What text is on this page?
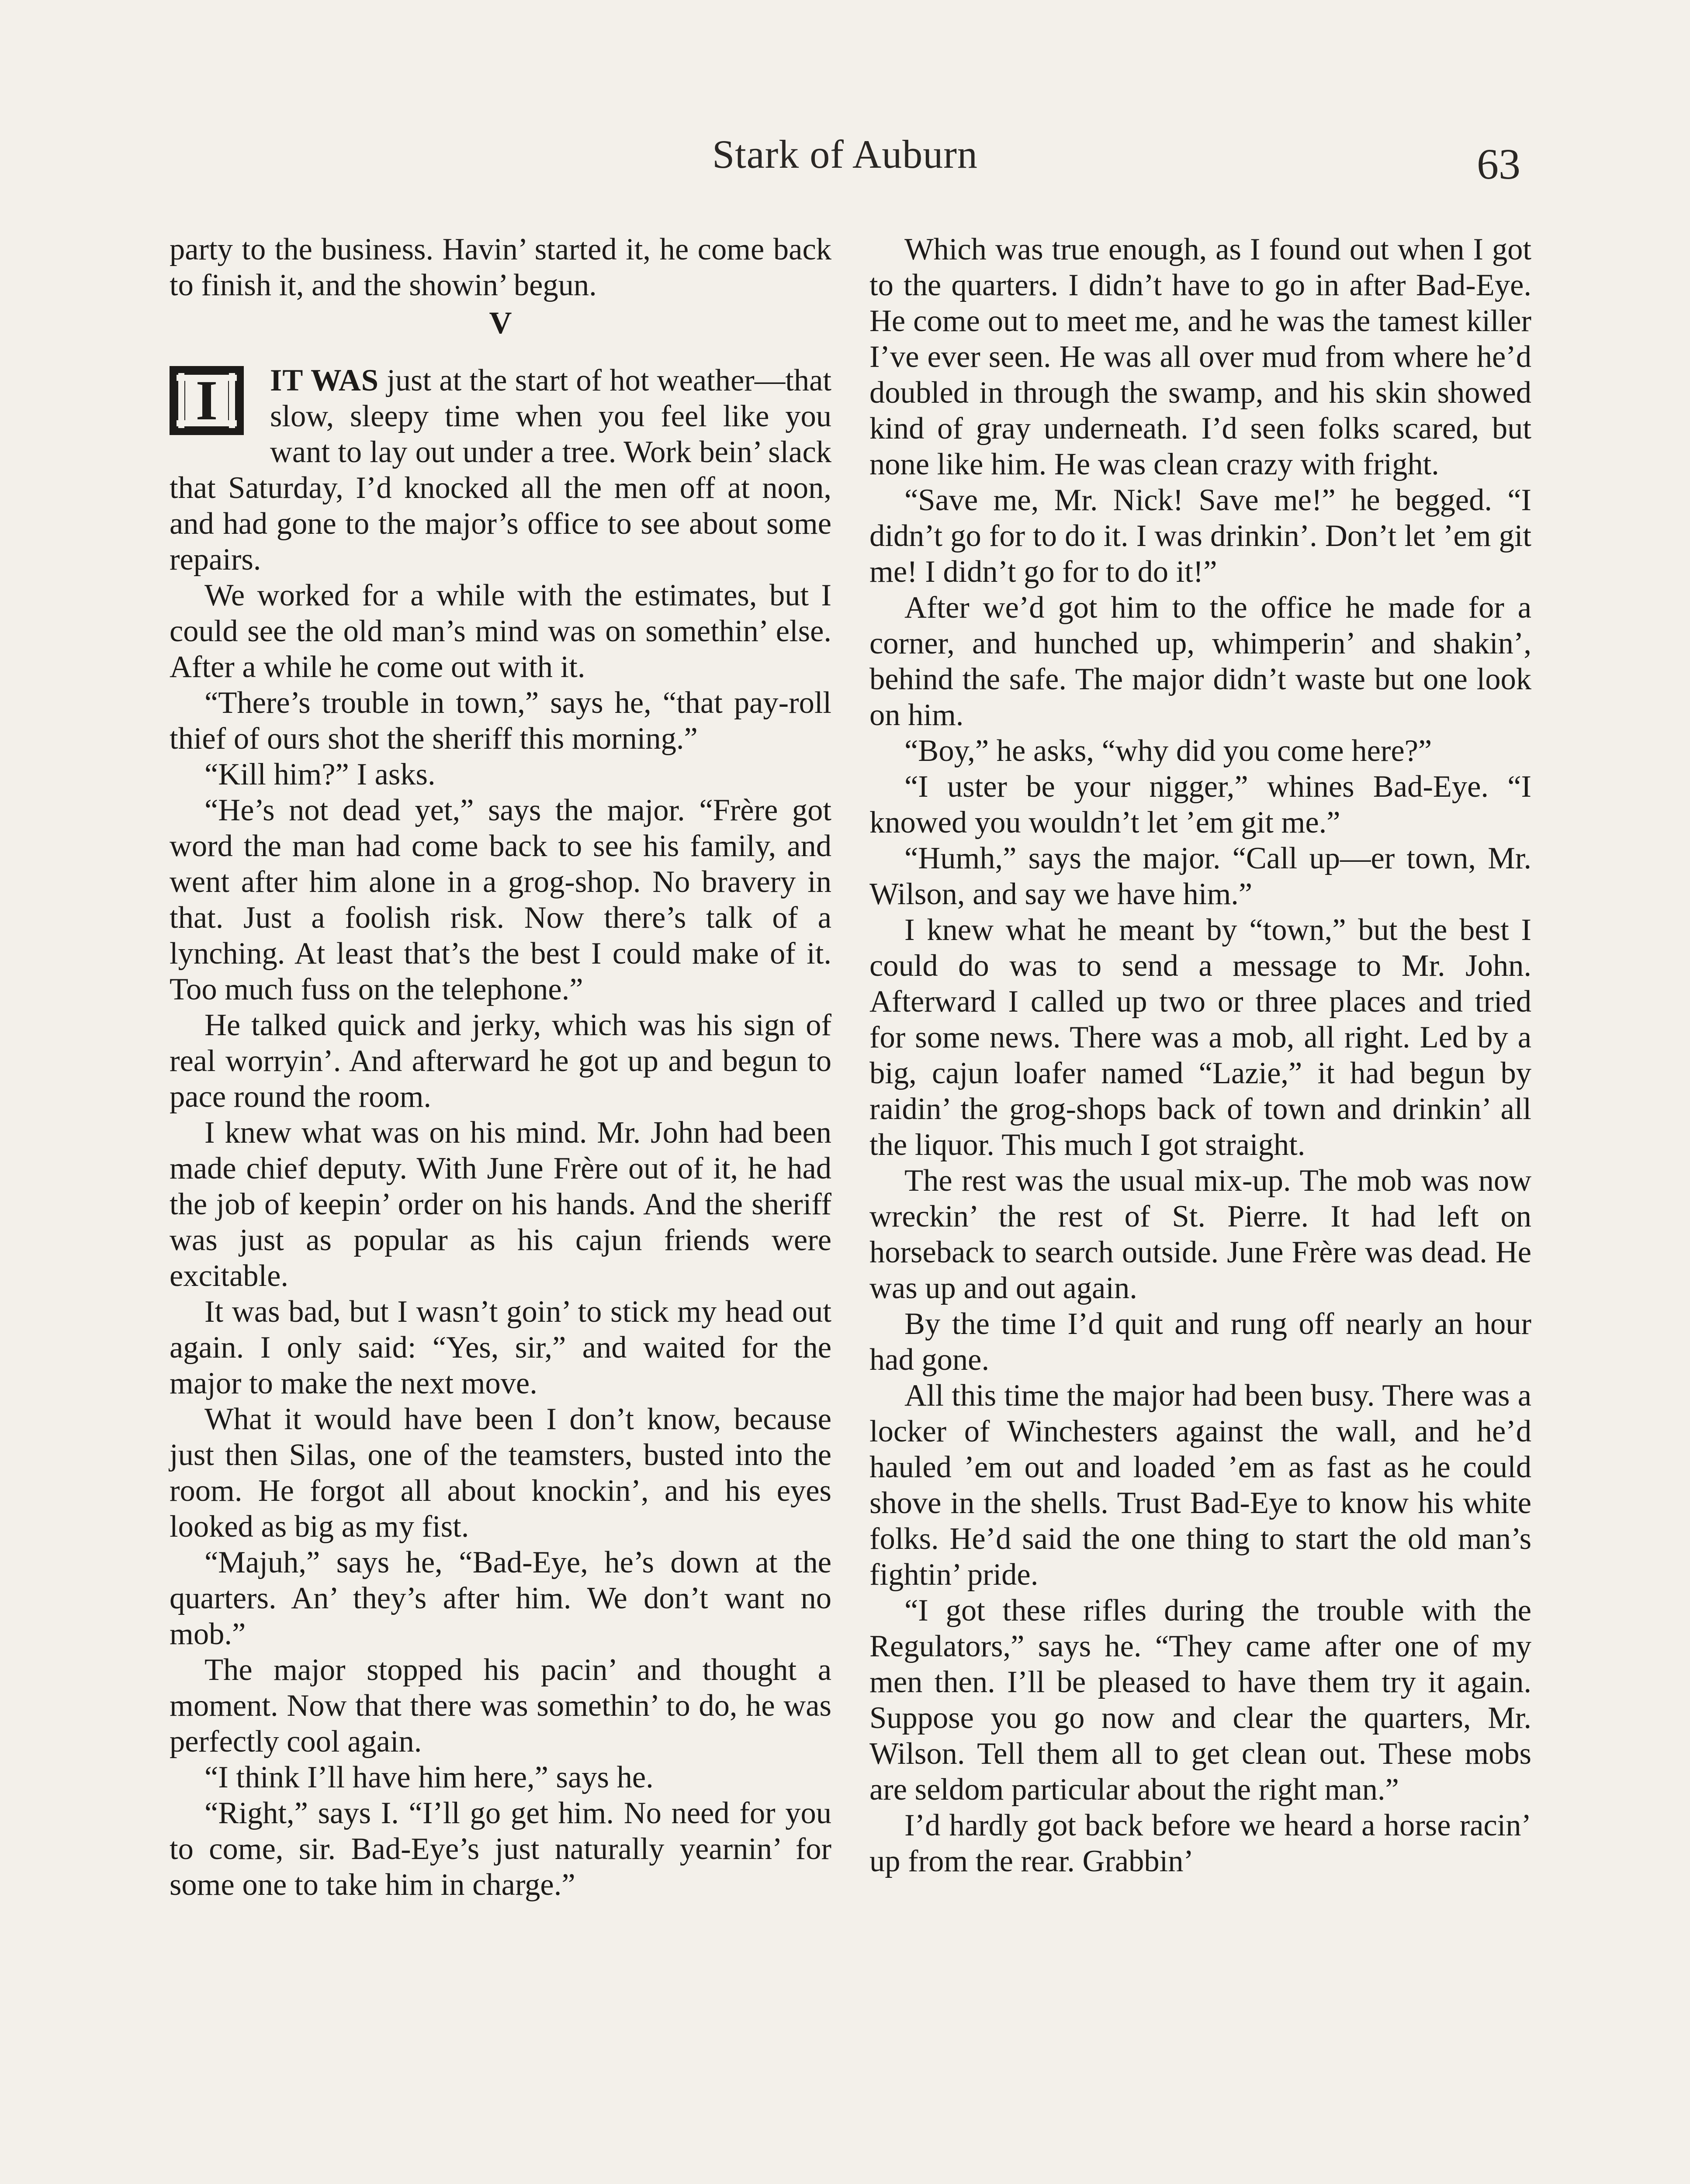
Stark of Auburn	63

party to the business. Havin’ started it, he come back to finish it, and the showin’ begun.

V

I	IT WAS just at the start of hot weather—that slow, sleepy time when you feel like you want to lay out under a tree. Work bein’ slack that Saturday, I’d knocked all the men off at noon, and had gone to the major’s office to see about some repairs.

We worked for a while with the estimates, but I could see the old man’s mind was on somethin’ else. After a while he come out with it.

“There’s trouble in town,” says he, “that pay-roll thief of ours shot the sheriff this morning.”

“Kill him?” I asks.

“He’s not dead yet,” says the major. “Frère got word the man had come back to see his family, and went after him alone in a grog-shop. No bravery in that. Just a foolish risk. Now there’s talk of a lynching. At least that’s the best I could make of it. Too much fuss on the telephone.”

He talked quick and jerky, which was his sign of real worryin’. And afterward he got up and begun to pace round the room.

I knew what was on his mind. Mr. John had been made chief deputy. With June Frère out of it, he had the job of keepin’ order on his hands. And the sheriff was just as popular as his cajun friends were excitable.

It was bad, but I wasn’t goin’ to stick my head out again. I only said: “Yes, sir,” and waited for the major to make the next move.

What it would have been I don’t know, because just then Silas, one of the teamsters, busted into the room. He forgot all about knockin’, and his eyes looked as big as my fist.

“Majuh,” says he, “Bad-Eye, he’s down at the quarters. An’ they’s after him. We don’t want no mob.”

The major stopped his pacin’ and thought a moment. Now that there was somethin’ to do, he was perfectly cool again.

“I think I’ll have him here,” says he.

“Right,” says I. “I’ll go get him. No need for you to come, sir. Bad-Eye’s just naturally yearnin’ for some one to take him in charge.”

Which was true enough, as I found out when I got to the quarters. I didn’t have to go in after Bad-Eye. He come out to meet me, and he was the tamest killer I’ve ever seen. He was all over mud from where he’d doubled in through the swamp, and his skin showed kind of gray underneath. I’d seen folks scared, but none like him. He was clean crazy with fright.

“Save me, Mr. Nick! Save me!” he begged. “I didn’t go for to do it. I was drinkin’. Don’t let ’em git me! I didn’t go for to do it!”

After we’d got him to the office he made for a corner, and hunched up, whimperin’ and shakin’, behind the safe. The major didn’t waste but one look on him.

“Boy,” he asks, “why did you come here?”

“I uster be your nigger,” whines Bad-Eye. “I knowed you wouldn’t let ’em git me.”

“Humh,” says the major. “Call up—er town, Mr. Wilson, and say we have him.”

I knew what he meant by “town,” but the best I could do was to send a message to Mr. John. Afterward I called up two or three places and tried for some news. There was a mob, all right. Led by a big, cajun loafer named “Lazie,” it had begun by raidin’ the grog-shops back of town and drinkin’ all the liquor. This much I got straight.

The rest was the usual mix-up. The mob was now wreckin’ the rest of St. Pierre. It had left on horseback to search outside. June Frère was dead. He was up and out again.

By the time I’d quit and rung off nearly an hour had gone.

All this time the major had been busy. There was a locker of Winchesters against the wall, and he’d hauled ’em out and loaded ’em as fast as he could shove in the shells. Trust Bad-Eye to know his white folks. He’d said the one thing to start the old man’s fightin’ pride.

“I got these rifles during the trouble with the Regulators,” says he. “They came after one of my men then. I’ll be pleased to have them try it again. Suppose you go now and clear the quarters, Mr. Wilson. Tell them all to get clean out. These mobs are seldom particular about the right man.”

I’d hardly got back before we heard a horse racin’ up from the rear. Grabbin’
